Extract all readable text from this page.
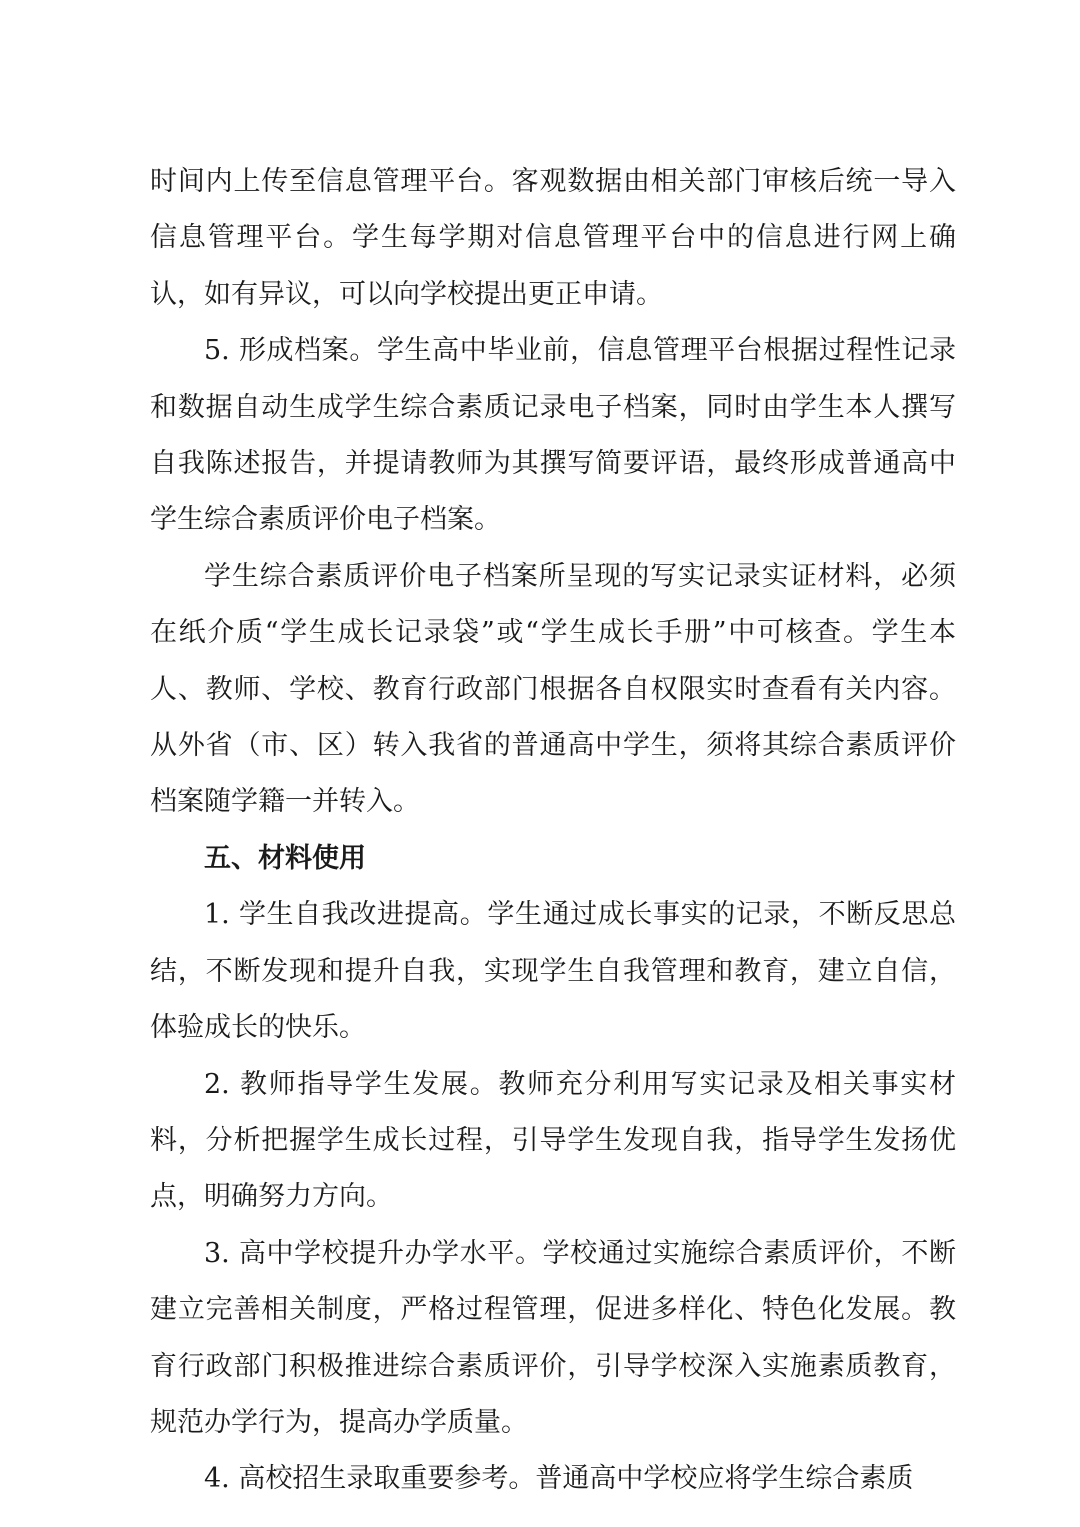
时间内上传至信息管理平台。客观数据由相关部门审核后统一导入信息管理平台。学生每学期对信息管理平台中的信息进行网上确认，如有异议，可以向学校提出更正申请。

5. 形成档案。学生高中毕业前，信息管理平台根据过程性记录和数据自动生成学生综合素质记录电子档案，同时由学生本人撰写自我陈述报告，并提请教师为其撰写简要评语，最终形成普通高中学生综合素质评价电子档案。

学生综合素质评价电子档案所呈现的写实记录实证材料，必须在纸介质“学生成长记录袋”或“学生成长手册”中可核查。学生本人、教师、学校、教育行政部门根据各自权限实时查看有关内容。从外省（市、区）转入我省的普通高中学生，须将其综合素质评价档案随学籍一并转入。

五、材料使用

1. 学生自我改进提高。学生通过成长事实的记录，不断反思总结，不断发现和提升自我，实现学生自我管理和教育，建立自信，体验成长的快乐。

2. 教师指导学生发展。教师充分利用写实记录及相关事实材料，分析把握学生成长过程，引导学生发现自我，指导学生发扬优点，明确努力方向。

3. 高中学校提升办学水平。学校通过实施综合素质评价，不断建立完善相关制度，严格过程管理，促进多样化、特色化发展。教育行政部门积极推进综合素质评价，引导学校深入实施素质教育，规范办学行为，提高办学质量。

4. 高校招生录取重要参考。普通高中学校应将学生综合素质
